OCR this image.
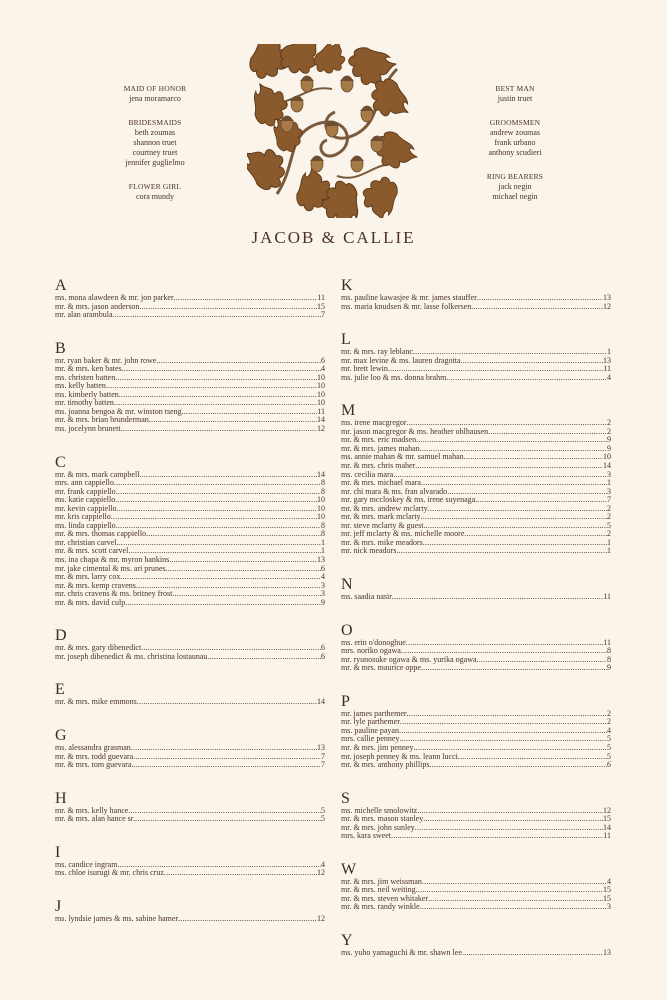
MAID OF HONOR
jena moramarco
BRIDESMAIDS
beth zoumas
shannon truet
courtney truet
jennifer guglielmo
FLOWER GIRL
cora mundy
BEST MAN
justin truet
GROOMSMEN
andrew zoumas
frank urbano
anthony scudieri
RING BEARERS
jack negin
michael negin
JACOB & CALLIE
A
ms. mona alawdeen & mr. jon parker .....	11
mr. & mrs. jason anderson .....	15
mr. alan arambula .....	7
B
mr. ryan baker & mr. john rowe .....	6
mr. & mrs. ken bates .....	4
ms. christen batten .....	10
ms. kelly batten .....	10
ms. kimberly batten .....	10
mr. timothy batten .....	10
ms. joanna bengoa & mr. winston tseng .....	11
mr. & mrs. brian brunderman .....	14
ms. jocelynn brunett .....	12
C
mr. & mrs. mark campbell .....	14
mrs. ann cappiello .....	8
mr. frank cappiello .....	8
ms. katie cappiello .....	10
mr. kevin cappiello .....	10
mr. kris cappiello .....	10
ms. linda cappiello .....	8
mr. & mrs. thomas cappiello .....	8
mr. christian carvel .....	1
mr. & mrs. scott carvel .....	1
ms. ina chapa & mr. myron hankins .....	13
mr. jake cimental & ms. ari prunes .....	6
mr. & mrs. larry cox .....	4
mr. & mrs. kemp cravens .....	3
mr. chris cravens & ms. britney frost .....	3
mr. & mrs. david culp .....	9
D
mr. & mrs. gary dibenedict .....	6
mr. joseph dibenedict & ms. christina lostaunau .....	6
E
mr. & mrs. mike emmons .....	14
G
ms. alessandra grasman .....	13
mr. & mrs. todd guevara .....	7
mr. & mrs. tom guevara .....	7
H
mr. & mrs. kelly hance .....	5
mr. & mrs. alan hance sr. .....	5
I
ms. candice ingram .....	4
ms. chloe isurugi & mr. chris cruz .....	12
J
ms. lyndsie james & ms. sabine hamer .....	12
K
ms. pauline kawasjee & mr. james stauffer .....	13
ms. maria knudsen & mr. lasse folkersen .....	12
L
mr. & mrs. ray leblanc .....	1
mr. max levine & ms. lauren dragotta .....	13
mr. brett lewin .....	11
ms. julie loo & ms. donna brahm .....	4
M
ms. irene macgregor .....	2
mr. jason macgregor & ms. heather ohlhausen .....	2
mr. & mrs. eric madsen .....	9
mr. & mrs. james mahan .....	9
ms. annie mahan & mr. samuel mahan .....	10
mr. & mrs. chris maher .....	14
ms. cecilia mara .....	3
mr. & mrs. michael mara .....	1
mr. chi mara & ms. fran alvarado .....	3
mr. gary mccloskey & ms. irene suyenaga .....	7
mr. & mrs. andrew mclarty .....	2
mr. & mrs. mark mclarty .....	2
mr. steve mclarty & guest .....	5
mr. jeff mclarty & ms. michelle moore .....	2
mr. & mrs. mike meadors .....	1
mr. nick meadors .....	1
N
ms. saadia nasir .....	11
O
ms. erin o'donoghue .....	11
mrs. noriko ogawa .....	8
mr. ryunosuke ogawa & ms. yurika ogawa .....	8
mr. & mrs. maurice oppe .....	9
P
mr. james parthemer .....	2
mr. lyle parthemer .....	2
ms. pauline payan .....	4
mrs. callie penney .....	5
mr. & mrs. jim penney .....	5
mr. joseph penney & ms. leann lucci .....	5
mr. & mrs. anthony phillips .....	6
S
ms. michelle smolowitz .....	12
mr. & mrs. mason stanley .....	15
mr. & mrs. john sunley .....	14
mrs. kara sweet .....	11
W
mr. & mrs. jim weissman .....	4
mr. & mrs. neil weiting .....	15
mr. & mrs. steven whitaker .....	15
mr. & mrs. randy winkle .....	3
Y
ms. yuho yamaguchi & mr. shawn lee .....	13
